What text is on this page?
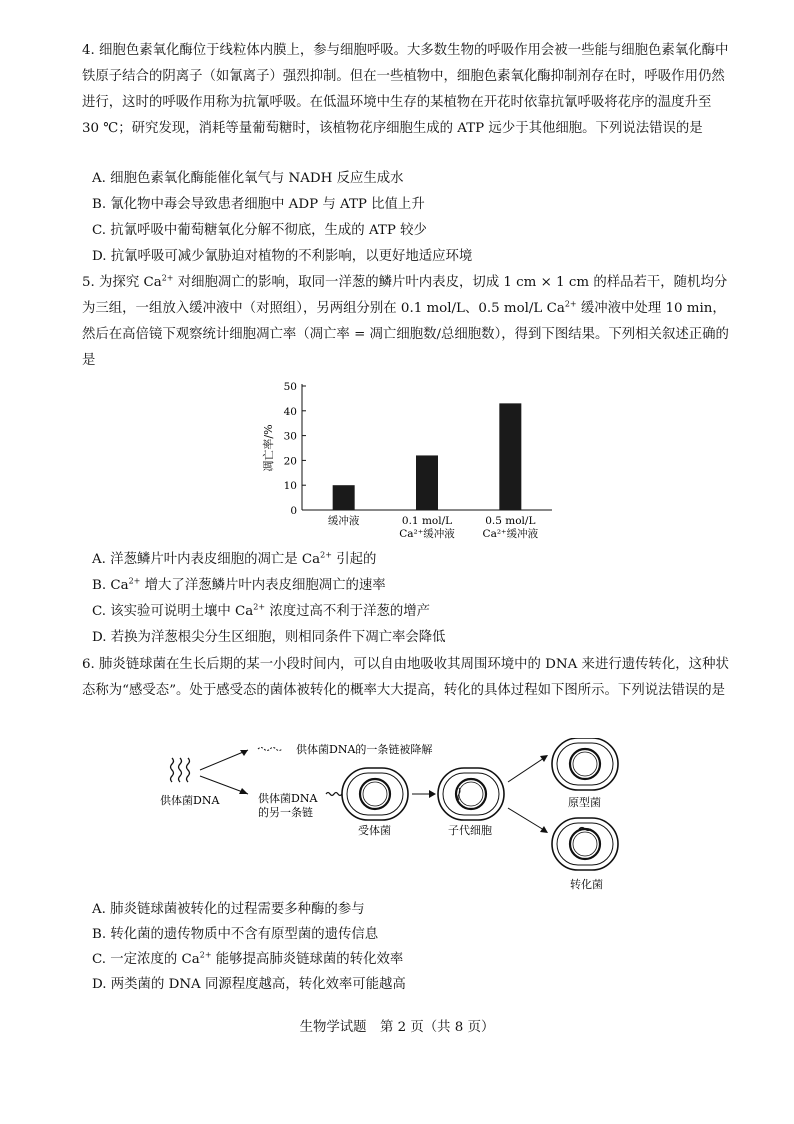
4. 细胞色素氧化酶位于线粒体内膜上，参与细胞呼吸。大多数生物的呼吸作用会被一些能与细胞色素氧化酶中铁原子结合的阴离子（如氰离子）强烈抑制。但在一些植物中，细胞色素氧化酶抑制剂存在时，呼吸作用仍然进行，这时的呼吸作用称为抗氰呼吸。在低温环境中生存的某植物在开花时依靠抗氰呼吸将花序的温度升至 30 ℃；研究发现，消耗等量葡萄糖时，该植物花序细胞生成的 ATP 远少于其他细胞。下列说法错误的是
A. 细胞色素氧化酶能催化氧气与 NADH 反应生成水
B. 氰化物中毒会导致患者细胞中 ADP 与 ATP 比值上升
C. 抗氰呼吸中葡萄糖氧化分解不彻底，生成的 ATP 较少
D. 抗氰呼吸可减少氰胁迫对植物的不利影响，以更好地适应环境
5. 为探究 $Ca^{2+}$ 对细胞凋亡的影响，取同一洋葱的鳞片叶内表皮，切成 1 cm × 1 cm 的样品若干，随机均分为三组，一组放入缓冲液中（对照组），另两组分别在 0.1 mol/L、0.5 mol/L $Ca^{2+}$ 缓冲液中处理 10 min，然后在高倍镜下观察统计细胞凋亡率（凋亡率 = 凋亡细胞数/总细胞数），得到下图结果。下列相关叙述正确的是
0
10
20
30
40
50
凋亡率/%
缓冲液	0.1 mol/L
Ca²⁺缓冲液
0.5 mol/L
Ca²⁺缓冲液
A. 洋葱鳞片叶内表皮细胞的凋亡是 $Ca^{2+}$ 引起的
B. $Ca^{2+}$ 增大了洋葱鳞片叶内表皮细胞凋亡的速率
C. 该实验可说明土壤中 $Ca^{2+}$ 浓度过高不利于洋葱的增产
D. 若换为洋葱根尖分生区细胞，则相同条件下凋亡率会降低
6. 肺炎链球菌在生长后期的某一小段时间内，可以自由地吸收其周围环境中的 DNA 来进行遗传转化，这种状态称为“感受态”。处于感受态的菌体被转化的概率大大提高，转化的具体过程如下图所示。下列说法错误的是
供体菌DNA
供体菌DNA的一条链被降解
供体菌DNA
的另一条链
受体菌	子代细胞
原型菌
转化菌
A. 肺炎链球菌被转化的过程需要多种酶的参与
B. 转化菌的遗传物质中不含有原型菌的遗传信息
C. 一定浓度的 $Ca^{2+}$ 能够提高肺炎链球菌的转化效率
D. 两类菌的 DNA 同源程度越高，转化效率可能越高
生物学试题　第 2 页（共 8 页）
